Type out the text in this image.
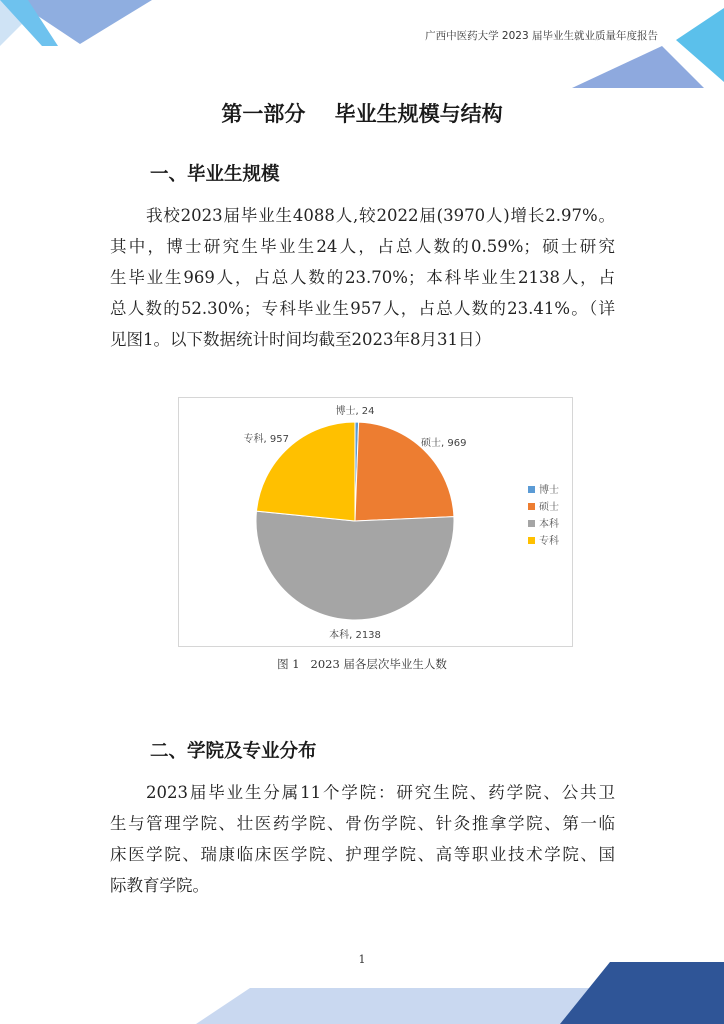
广西中医药大学 2023 届毕业生就业质量年度报告
第一部分    毕业生规模与结构
一、毕业生规模
我校2023届毕业生4088人,较2022届(3970人)增长2.97%。
其中，博士研究生毕业生24人，占总人数的0.59%；硕士研究
生毕业生969人，占总人数的23.70%；本科毕业生2138人，占
总人数的52.30%；专科毕业生957人，占总人数的23.41%。（详
见图1。以下数据统计时间均截至2023年8月31日）
博士, 24
硕士, 969
本科, 2138
专科, 957
博士
硕士
本科
专科
图 1   2023 届各层次毕业生人数
二、学院及专业分布
2023届毕业生分属11个学院：研究生院、药学院、公共卫
生与管理学院、壮医药学院、骨伤学院、针灸推拿学院、第一临
床医学院、瑞康临床医学院、护理学院、高等职业技术学院、国
际教育学院。
1
